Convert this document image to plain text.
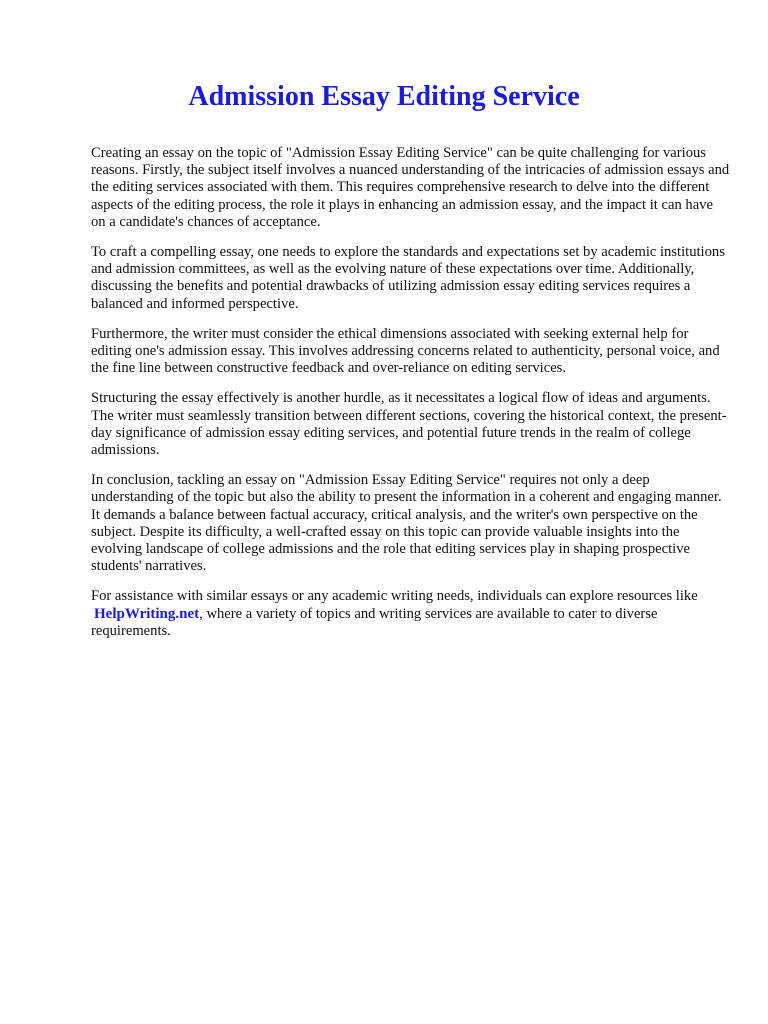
Admission Essay Editing Service

Creating an essay on the topic of "Admission Essay Editing Service" can be quite challenging for various reasons. Firstly, the subject itself involves a nuanced understanding of the intricacies of admission essays and the editing services associated with them. This requires comprehensive research to delve into the different aspects of the editing process, the role it plays in enhancing an admission essay, and the impact it can have on a candidate's chances of acceptance.

To craft a compelling essay, one needs to explore the standards and expectations set by academic institutions and admission committees, as well as the evolving nature of these expectations over time. Additionally, discussing the benefits and potential drawbacks of utilizing admission essay editing services requires a balanced and informed perspective.

Furthermore, the writer must consider the ethical dimensions associated with seeking external help for editing one's admission essay. This involves addressing concerns related to authenticity, personal voice, and the fine line between constructive feedback and over-reliance on editing services.

Structuring the essay effectively is another hurdle, as it necessitates a logical flow of ideas and arguments. The writer must seamlessly transition between different sections, covering the historical context, the present-day significance of admission essay editing services, and potential future trends in the realm of college admissions.

In conclusion, tackling an essay on "Admission Essay Editing Service" requires not only a deep understanding of the topic but also the ability to present the information in a coherent and engaging manner. It demands a balance between factual accuracy, critical analysis, and the writer's own perspective on the subject. Despite its difficulty, a well-crafted essay on this topic can provide valuable insights into the evolving landscape of college admissions and the role that editing services play in shaping prospective students' narratives.

For assistance with similar essays or any academic writing needs, individuals can explore resources like HelpWriting.net, where a variety of topics and writing services are available to cater to diverse requirements.
